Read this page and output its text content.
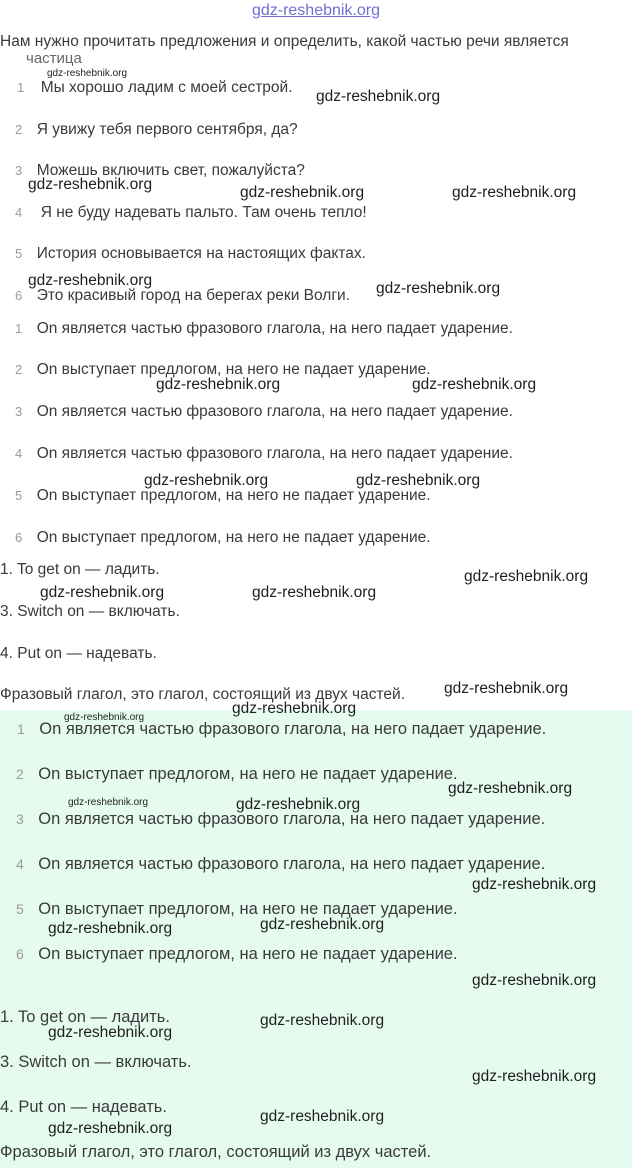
gdz-reshebnik.org
Нам нужно прочитать предложения и определить, какой частью речи является
частица
1 Мы хорошо ладим с моей сестрой.
2 Я увижу тебя первого сентября, да?
3 Можешь включить свет, пожалуйста?
4 Я не буду надевать пальто. Там очень тепло!
5 История основывается на настоящих фактах.
6 Это красивый город на берегах реки Волги.
1 On является частью фразового глагола, на него падает ударение.
2 On выступает предлогом, на него не падает ударение.
3 On является частью фразового глагола, на него падает ударение.
4 On является частью фразового глагола, на него падает ударение.
5 On выступает предлогом, на него не падает ударение.
6 On выступает предлогом, на него не падает ударение.
1. To get on — ладить.
3. Switch on — включать.
4. Put on — надевать.
Фразовый глагол, это глагол, состоящий из двух частей.
1 On является частью фразового глагола, на него падает ударение.
2 On выступает предлогом, на него не падает ударение.
3 On является частью фразового глагола, на него падает ударение.
4 On является частью фразового глагола, на него падает ударение.
5 On выступает предлогом, на него не падает ударение.
6 On выступает предлогом, на него не падает ударение.
1. To get on — ладить.
3. Switch on — включать.
4. Put on — надевать.
Фразовый глагол, это глагол, состоящий из двух частей.
gdz-reshebnik.org
gdz-reshebnik.org
gdz-reshebnik.org	gdz-reshebnik.org	gdz-reshebnik.org
gdz-reshebnik.org	gdz-reshebnik.org
gdz-reshebnik.org	gdz-reshebnik.org
gdz-reshebnik.org	gdz-reshebnik.org
gdz-reshebnik.org
gdz-reshebnik.org	gdz-reshebnik.org
gdz-reshebnik.org
gdz-reshebnik.org
gdz-reshebnik.org
gdz-reshebnik.org
gdz-reshebnik.org	gdz-reshebnik.org
gdz-reshebnik.org
gdz-reshebnik.org
gdz-reshebnik.org
gdz-reshebnik.org
gdz-reshebnik.org
gdz-reshebnik.org
gdz-reshebnik.org
gdz-reshebnik.org
gdz-reshebnik.org
